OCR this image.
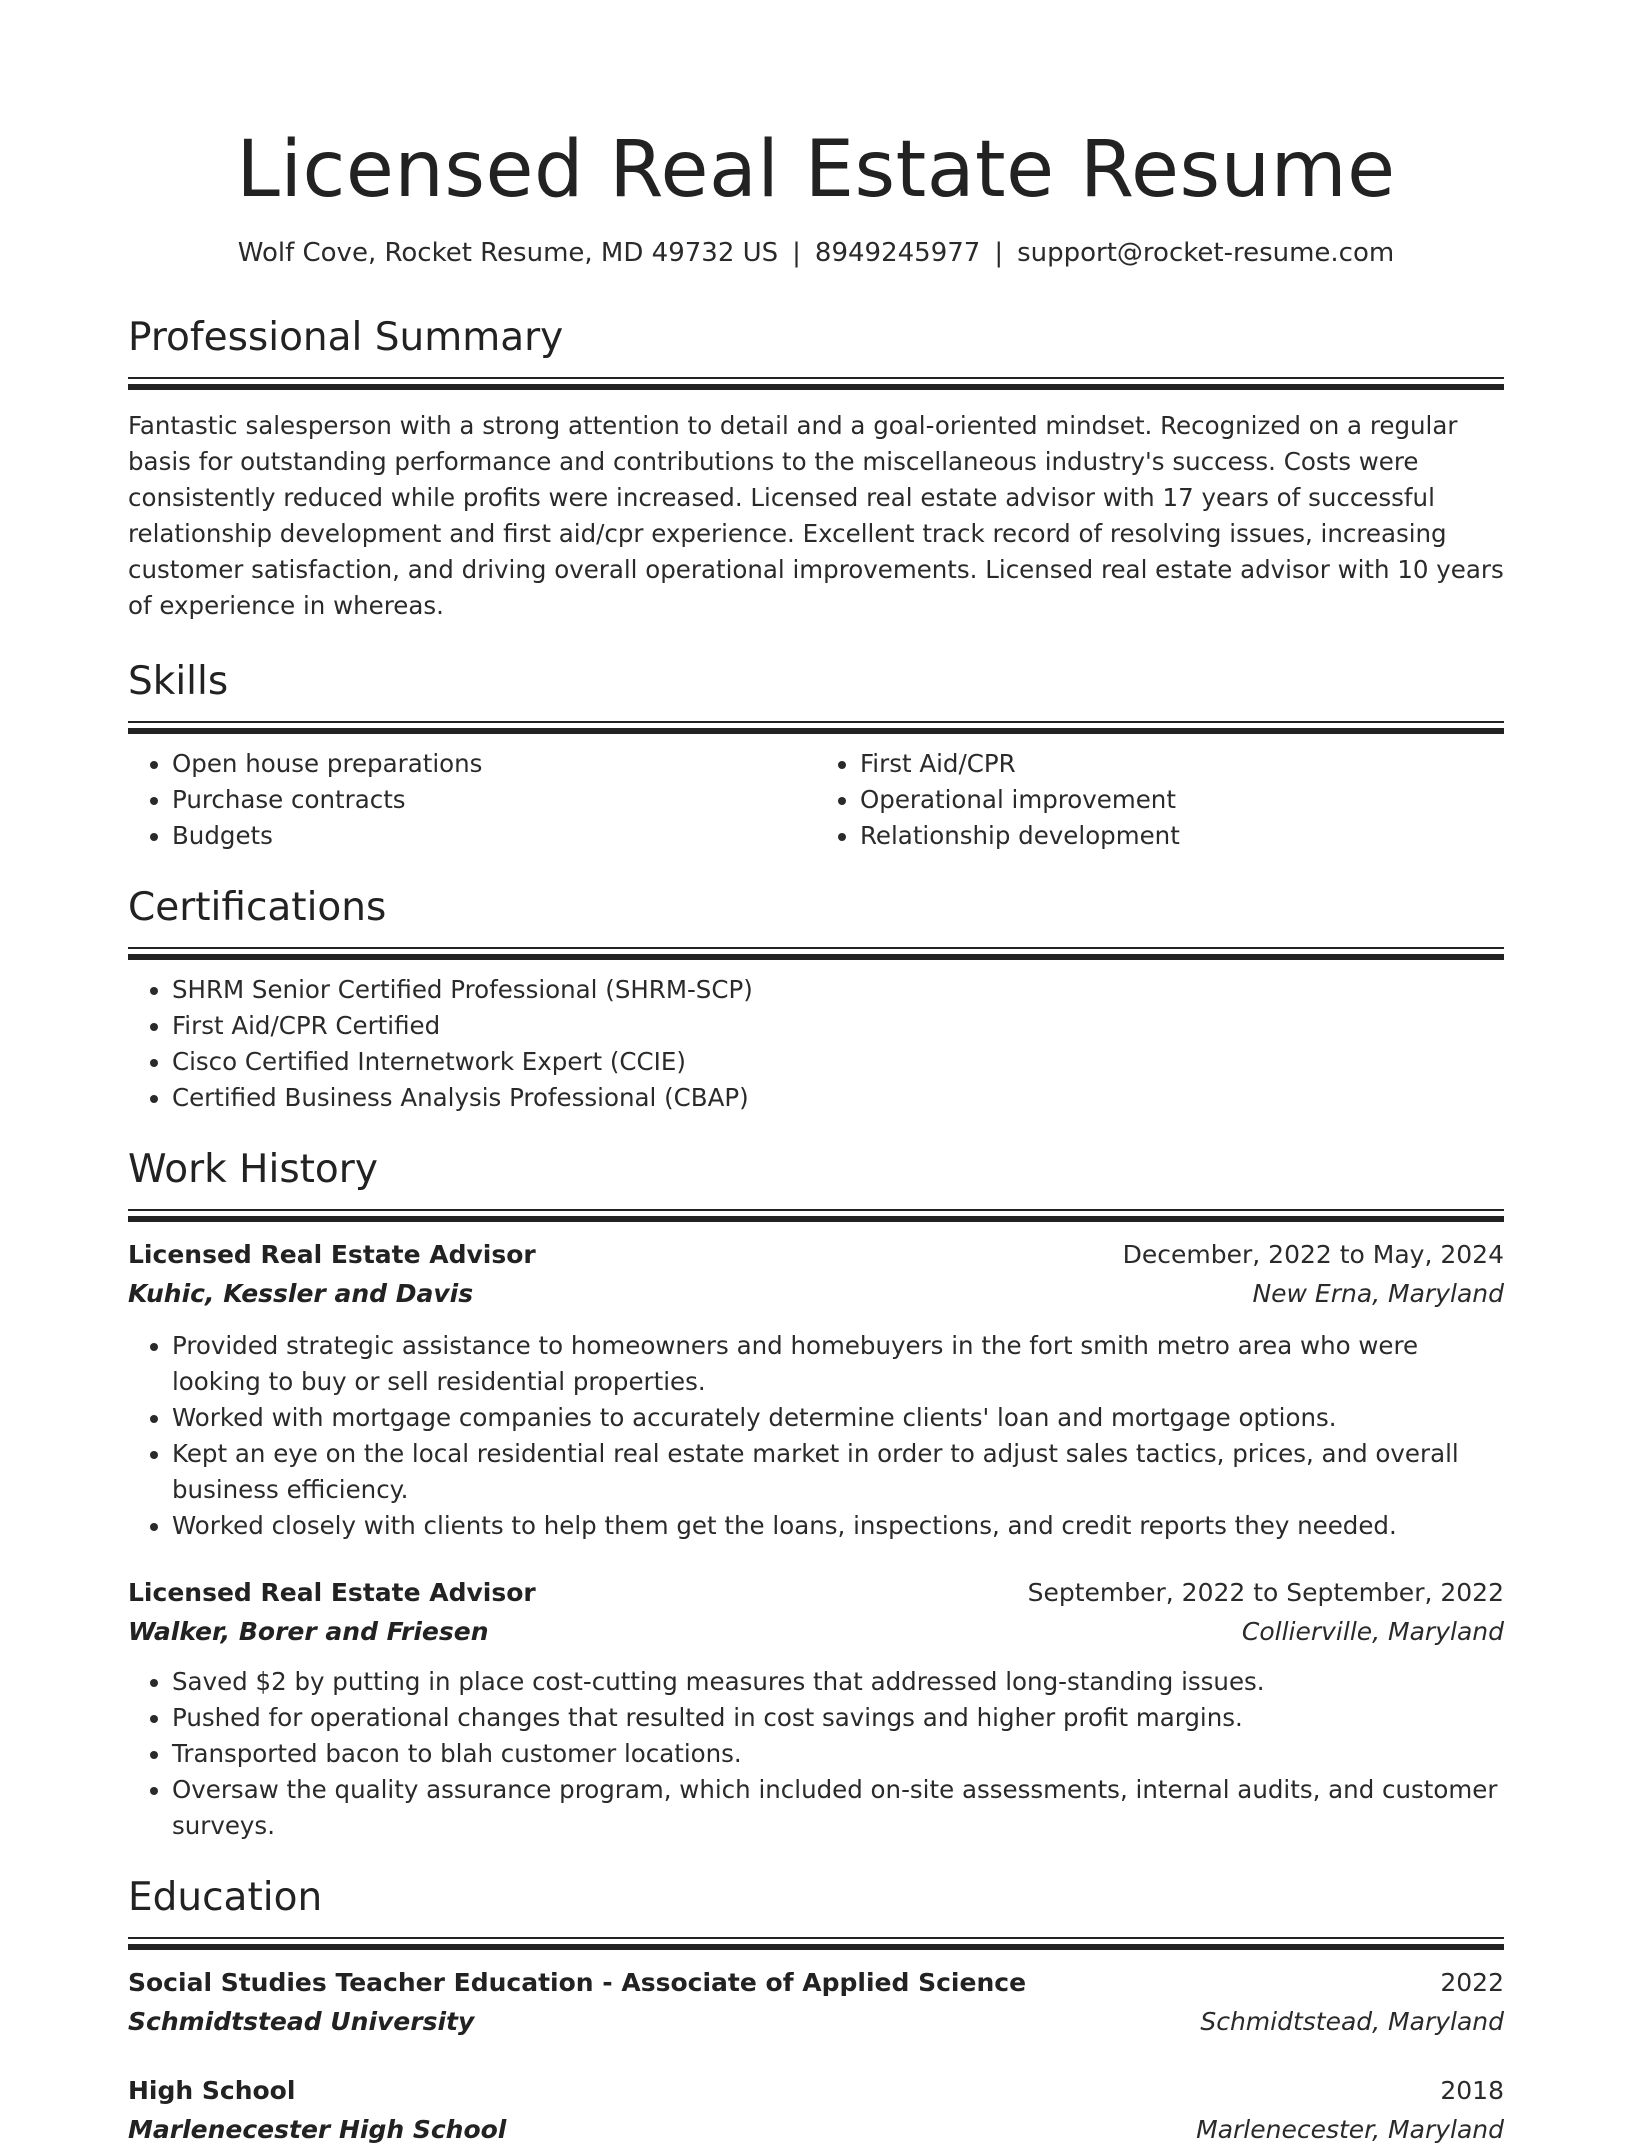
Licensed Real Estate Resume
Wolf Cove, Rocket Resume, MD 49732 US | 8949245977 | support@rocket-resume.com
Professional Summary

Fantastic salesperson with a strong attention to detail and a goal-oriented mindset. Recognized on a regular basis for outstanding performance and contributions to the miscellaneous industry's success. Costs were consistently reduced while profits were increased. Licensed real estate advisor with 17 years of successful relationship development and first aid/cpr experience. Excellent track record of resolving issues, increasing customer satisfaction, and driving overall operational improvements. Licensed real estate advisor with 10 years of experience in whereas.

Skills
• Open house preparations
• Purchase contracts
• Budgets
• First Aid/CPR
• Operational improvement
• Relationship development
Certifications
• SHRM Senior Certified Professional (SHRM-SCP)
• First Aid/CPR Certified
• Cisco Certified Internetwork Expert (CCIE)
• Certified Business Analysis Professional (CBAP)
Work History
Licensed Real Estate Advisor	December, 2022 to May, 2024
Kuhic, Kessler and Davis	New Erna, Maryland
• Provided strategic assistance to homeowners and homebuyers in the fort smith metro area who were looking to buy or sell residential properties.
• Worked with mortgage companies to accurately determine clients' loan and mortgage options.
• Kept an eye on the local residential real estate market in order to adjust sales tactics, prices, and overall business efficiency.
• Worked closely with clients to help them get the loans, inspections, and credit reports they needed.
Licensed Real Estate Advisor	September, 2022 to September, 2022
Walker, Borer and Friesen	Collierville, Maryland
• Saved $2 by putting in place cost-cutting measures that addressed long-standing issues.
• Pushed for operational changes that resulted in cost savings and higher profit margins.
• Transported bacon to blah customer locations.
• Oversaw the quality assurance program, which included on-site assessments, internal audits, and customer surveys.
Education
Social Studies Teacher Education - Associate of Applied Science	2022
Schmidtstead University	Schmidtstead, Maryland
High School	2018
Marlenecester High School	Marlenecester, Maryland
